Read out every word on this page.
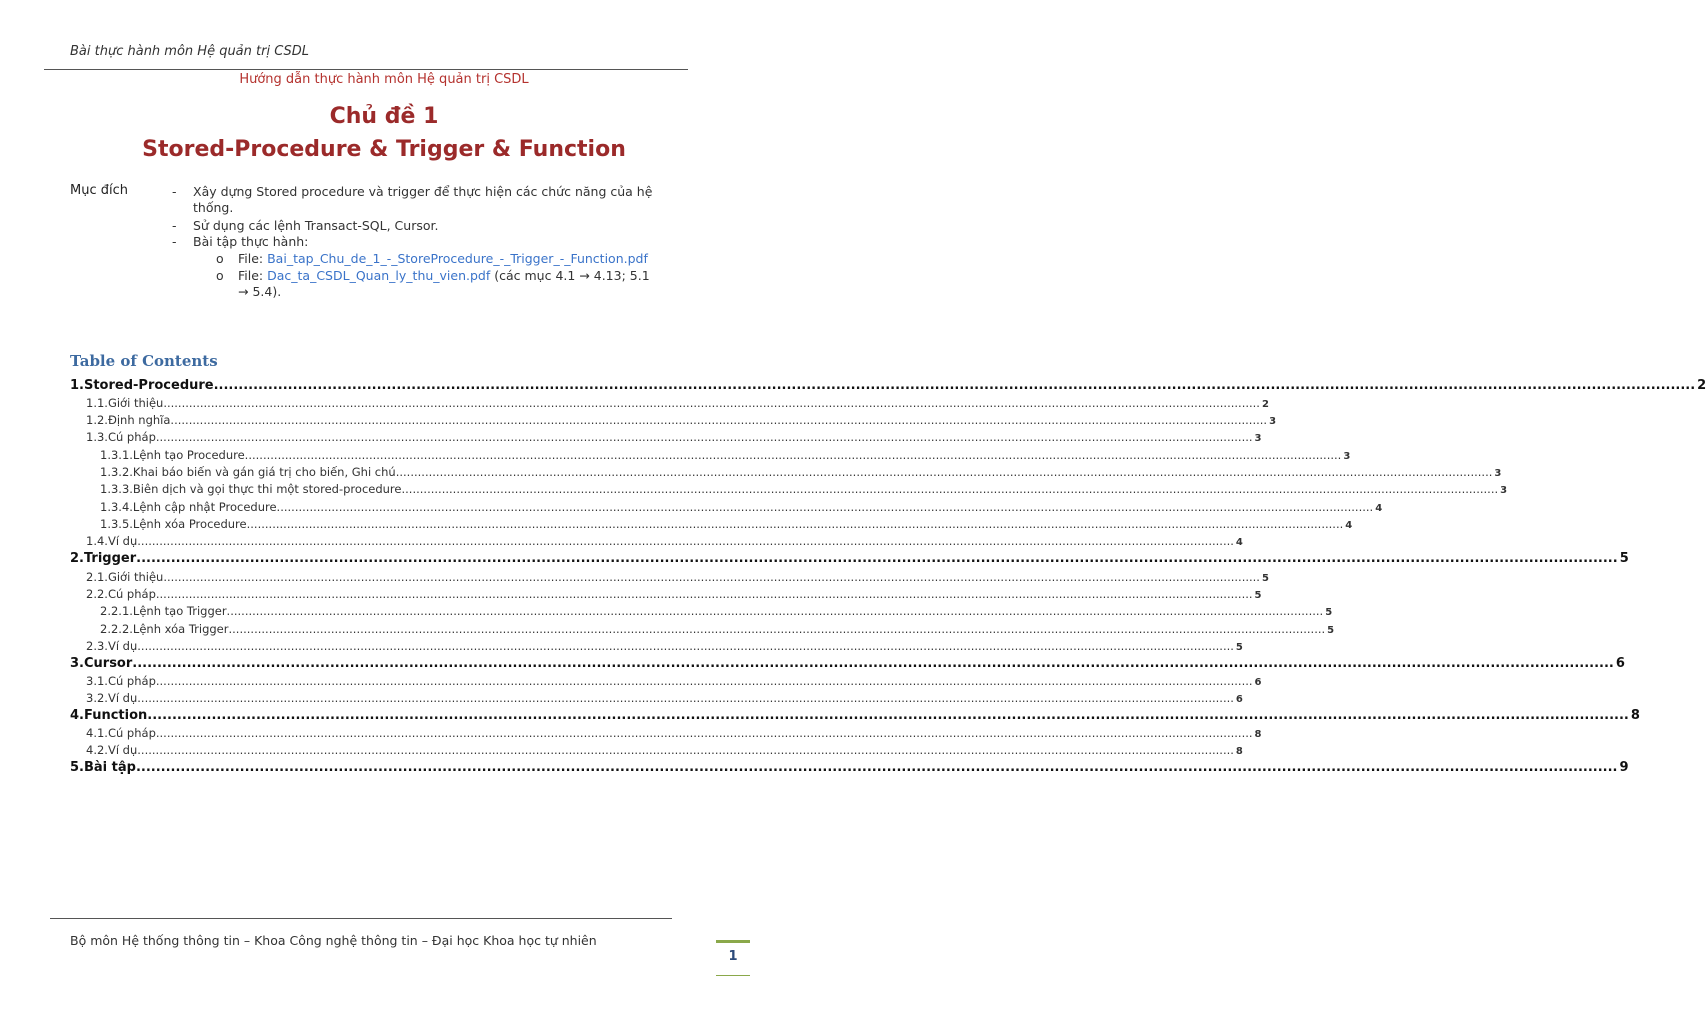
Bài thực hành môn Hệ quản trị CSDL
Hướng dẫn thực hành môn Hệ quản trị CSDL
Chủ đề 1
Stored-Procedure & Trigger & Function
Mục đích	- Xây dựng Stored procedure và trigger để thực hiện các chức năng của hệ
thống.
- Sử dụng các lệnh Transact-SQL, Cursor.
- Bài tập thực hành:
o File: Bai_tap_Chu_de_1_-_StoreProcedure_-_Trigger_-_Function.pdf
o File: Dac_ta_CSDL_Quan_ly_thu_vien.pdf (các mục 4.1 → 4.13; 5.1
→ 5.4).
Table of Contents
1. Stored-Procedure ............................................................................................................................................................................................................................................................................................................ 2
1.1. Giới thiệu ............................................................................................................................................................................................................................................................................................................ 2
1.2. Định nghĩa ............................................................................................................................................................................................................................................................................................................ 3
1.3. Cú pháp ............................................................................................................................................................................................................................................................................................................ 3
1.3.1. Lệnh tạo Procedure ............................................................................................................................................................................................................................................................................................................ 3
1.3.2. Khai báo biến và gán giá trị cho biến, Ghi chú ............................................................................................................................................................................................................................................................................................................ 3
1.3.3. Biên dịch và gọi thực thi một stored-procedure ............................................................................................................................................................................................................................................................................................................ 3
1.3.4. Lệnh cập nhật Procedure ............................................................................................................................................................................................................................................................................................................ 4
1.3.5. Lệnh xóa Procedure ............................................................................................................................................................................................................................................................................................................ 4
1.4. Ví dụ ............................................................................................................................................................................................................................................................................................................ 4
2. Trigger ............................................................................................................................................................................................................................................................................................................ 5
2.1. Giới thiệu ............................................................................................................................................................................................................................................................................................................ 5
2.2. Cú pháp ............................................................................................................................................................................................................................................................................................................ 5
2.2.1. Lệnh tạo Trigger ............................................................................................................................................................................................................................................................................................................ 5
2.2.2. Lệnh xóa Trigger ............................................................................................................................................................................................................................................................................................................ 5
2.3. Ví dụ ............................................................................................................................................................................................................................................................................................................ 5
3. Cursor ............................................................................................................................................................................................................................................................................................................ 6
3.1. Cú pháp ............................................................................................................................................................................................................................................................................................................ 6
3.2. Ví dụ ............................................................................................................................................................................................................................................................................................................ 6
4. Function ............................................................................................................................................................................................................................................................................................................ 8
4.1. Cú pháp ............................................................................................................................................................................................................................................................................................................ 8
4.2. Ví dụ ............................................................................................................................................................................................................................................................................................................ 8
5. Bài tập ............................................................................................................................................................................................................................................................................................................ 9
Bộ môn Hệ thống thông tin – Khoa Công nghệ thông tin – Đại học Khoa học tự nhiên
1
